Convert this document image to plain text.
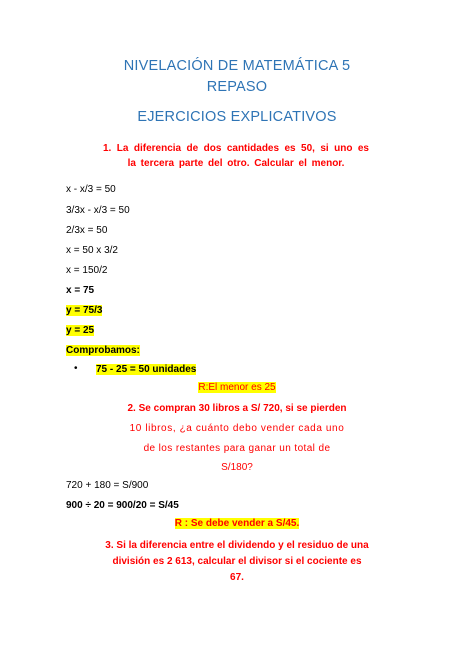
NIVELACIÓN DE MATEMÁTICA 5
REPASO
EJERCICIOS EXPLICATIVOS
1. La diferencia de dos cantidades es 50, si uno es la tercera parte del otro. Calcular el menor.
x - x/3 = 50
3/3x - x/3 = 50
2/3x = 50
x = 50 x 3/2
x = 150/2
x = 75
y = 75/3
y = 25
Comprobamos:
• 75 - 25 = 50 unidades
R:El menor es 25
2. Se compran 30 libros a S/ 720, si se pierden
10 libros, ¿a cuánto debo vender cada uno
de los restantes para ganar un total de
S/180?
720 + 180 = S/900
900 ÷ 20 = 900/20 = S/45
R : Se debe vender a S/45.
3. Si la diferencia entre el dividendo y el residuo de una división es 2 613, calcular el divisor si el cociente es 67.
